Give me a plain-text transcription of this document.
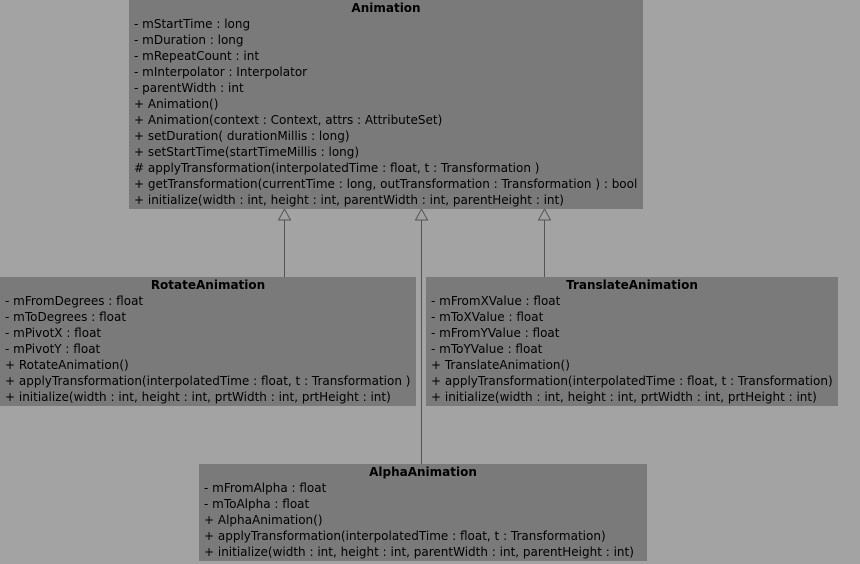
Animation
- mStartTime : long
- mDuration : long
- mRepeatCount : int
- mInterpolator : Interpolator
- parentWidth : int
+ Animation()
+ Animation(context : Context, attrs : AttributeSet)
+ setDuration( durationMillis : long)
+ setStartTime(startTimeMillis : long)
# applyTransformation(interpolatedTime : float, t : Transformation )
+ getTransformation(currentTime : long, outTransformation : Transformation ) : bool
+ initialize(width : int, height : int, parentWidth : int, parentHeight : int)
RotateAnimation
- mFromDegrees : float
- mToDegrees : float
- mPivotX : float
- mPivotY : float
+ RotateAnimation()
+ applyTransformation(interpolatedTime : float, t : Transformation )
+ initialize(width : int, height : int, prtWidth : int, prtHeight : int)
TranslateAnimation
- mFromXValue : float
- mToXValue : float
- mFromYValue : float
- mToYValue : float
+ TranslateAnimation()
+ applyTransformation(interpolatedTime : float, t : Transformation)
+ initialize(width : int, height : int, prtWidth : int, prtHeight : int)
AlphaAnimation
- mFromAlpha : float
- mToAlpha : float
+ AlphaAnimation()
+ applyTransformation(interpolatedTime : float, t : Transformation)
+ initialize(width : int, height : int, parentWidth : int, parentHeight : int)
